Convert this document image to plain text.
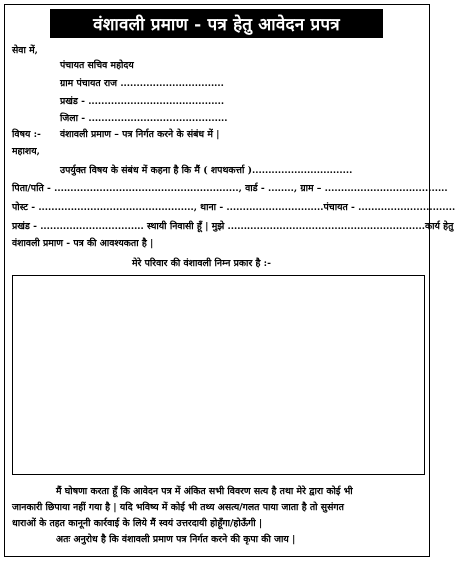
वंशावली प्रमाण - पत्र हेतु आवेदन प्रपत्र
सेवा में,
पंचायत सचिव महोदय
ग्राम पंचायत राज ................................
प्रखंड - ..........................................
जिला - ...........................................
विषय :- वंशावली प्रमाण – पत्र निर्गत करने के संबंध में |
महाशय,
उपर्युक्त विषय के संबंध में कहना है कि मैं ( शपथकर्त्ता )...............................
पिता/पति - ......................................................... , वार्ड - ........ , ग्राम – ......................................
पोस्ट - ................................................ , थाना - .............................. पंचायत - ..............................
प्रखंड - ................................ स्थायी निवासी हूँ | मुझे ............................................................. कार्य हेतु
वंशावली प्रमाण - पत्र की आवश्यकता है |
मेरे परिवार की वंशावली निम्न प्रकार है :-
मैं घोषणा करता हूँ कि आवेदन पत्र में अंकित सभी विवरण सत्य है तथा मेरे द्वारा कोई भी
जानकारी छिपाया नहीं गया है | यदि भविष्य में कोई भी तथ्य असत्य/गलत पाया जाता है तो सुसंगत
धाराओं के तहत कानूनी कार्रवाई के लिये मैं स्वयं उत्तरदायी होहूँगा/होऊँगी |
अतः अनुरोध है कि वंशावली प्रमाण पत्र निर्गत करने की कृपा की जाय |
